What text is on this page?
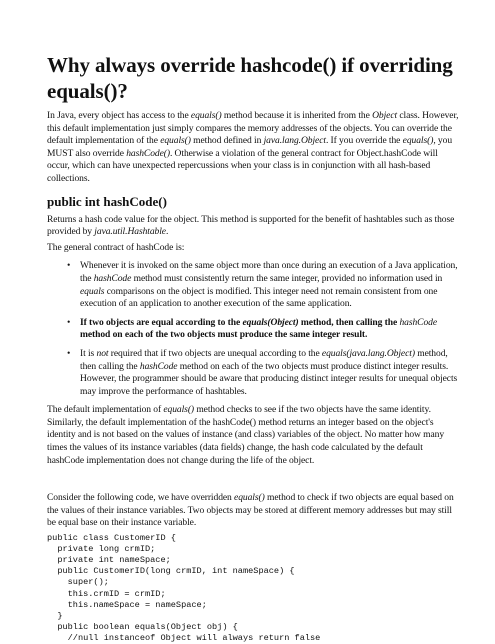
Why always override hashcode() if overriding equals()?

In Java, every object has access to the equals() method because it is inherited from the Object class. However, this default implementation just simply compares the memory addresses of the objects. You can override the default implementation of the equals() method defined in java.lang.Object. If you override the equals(), you MUST also override hashCode(). Otherwise a violation of the general contract for Object.hashCode will occur, which can have unexpected repercussions when your class is in conjunction with all hash-based collections.

public int hashCode()

Returns a hash code value for the object. This method is supported for the benefit of hashtables such as those provided by java.util.Hashtable.

The general contract of hashCode is:

• Whenever it is invoked on the same object more than once during an execution of a Java application, the hashCode method must consistently return the same integer, provided no information used in equals comparisons on the object is modified. This integer need not remain consistent from one execution of an application to another execution of the same application.
• If two objects are equal according to the equals(Object) method, then calling the hashCode method on each of the two objects must produce the same integer result.
• It is not required that if two objects are unequal according to the equals(java.lang.Object) method, then calling the hashCode method on each of the two objects must produce distinct integer results. However, the programmer should be aware that producing distinct integer results for unequal objects may improve the performance of hashtables.

The default implementation of equals() method checks to see if the two objects have the same identity. Similarly, the default implementation of the hashCode() method returns an integer based on the object's identity and is not based on the values of instance (and class) variables of the object. No matter how many times the values of its instance variables (data fields) change, the hash code calculated by the default hashCode implementation does not change during the life of the object.

Consider the following code, we have overridden equals() method to check if two objects are equal based on the values of their instance variables. Two objects may be stored at different memory addresses but may still be equal base on their instance variable.

public class CustomerID {
private long crmID;
private int nameSpace;
public CustomerID(long crmID, int nameSpace) {
super();
this.crmID = crmID;
this.nameSpace = nameSpace;
}
public boolean equals(Object obj) {
//null instanceof Object will always return false
